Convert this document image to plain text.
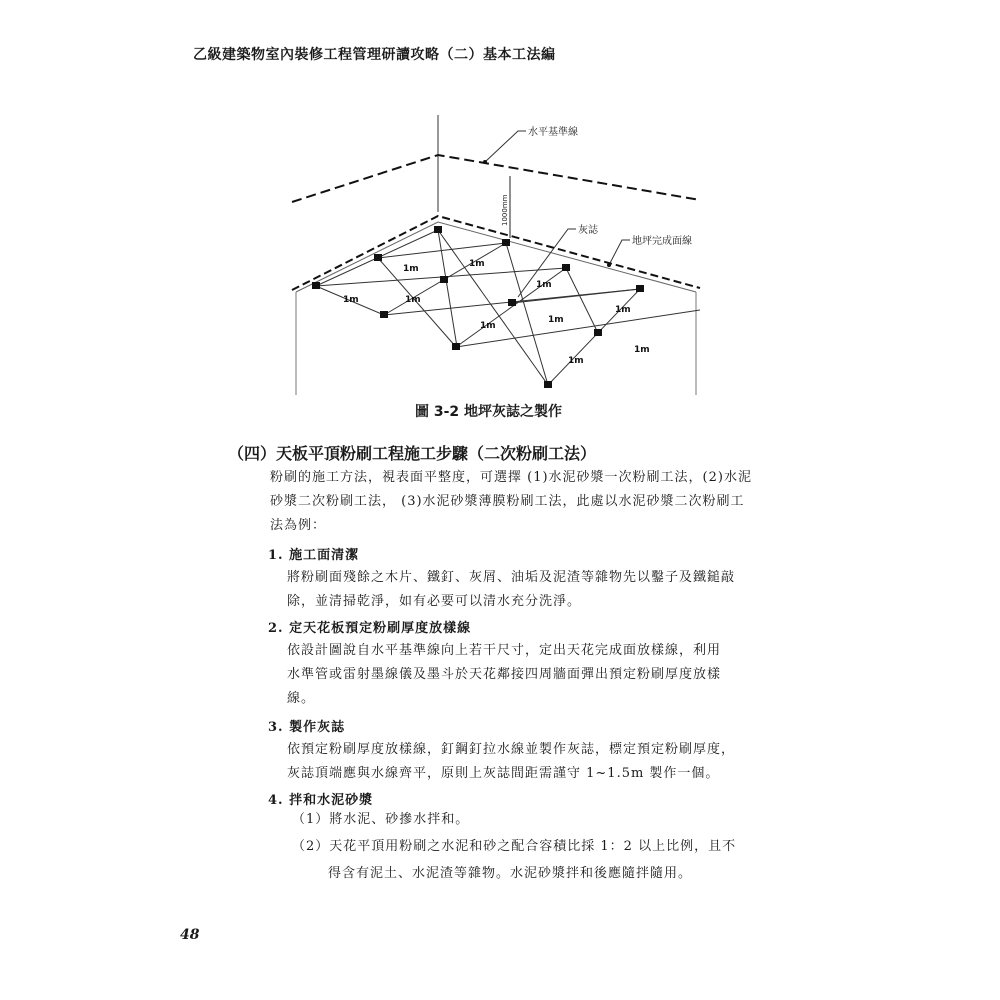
乙級建築物室內裝修工程管理研讀攻略（二）基本工法編
1000mm
1m	1m
1m	1m
1m
1m
1m
1m
1m
1m
水平基準線
灰誌
地坪完成面線
圖 3-2 地坪灰誌之製作
（四）天板平頂粉刷工程施工步驟（二次粉刷工法）
粉刷的施工方法，視表面平整度，可選擇 (1)水泥砂漿一次粉刷工法，(2)水泥
砂漿二次粉刷工法， (3)水泥砂漿薄膜粉刷工法，此處以水泥砂漿二次粉刷工
法為例：
1. 施工面清潔
將粉刷面殘餘之木片、鐵釘、灰屑、油垢及泥渣等雜物先以鑿子及鐵鎚敲
除，並清掃乾淨，如有必要可以清水充分洗淨。
2. 定天花板預定粉刷厚度放樣線
依設計圖說自水平基準線向上若干尺寸，定出天花完成面放樣線，利用
水準管或雷射墨線儀及墨斗於天花鄰接四周牆面彈出預定粉刷厚度放樣
線。
3. 製作灰誌
依預定粉刷厚度放樣線，釘鋼釘拉水線並製作灰誌，標定預定粉刷厚度，
灰誌頂端應與水線齊平，原則上灰誌間距需謹守 1~1.5m 製作一個。
4. 拌和水泥砂漿
（1）將水泥、砂摻水拌和。
（2）天花平頂用粉刷之水泥和砂之配合容積比採 1：2 以上比例，且不
得含有泥土、水泥渣等雜物。水泥砂漿拌和後應隨拌隨用。
48
